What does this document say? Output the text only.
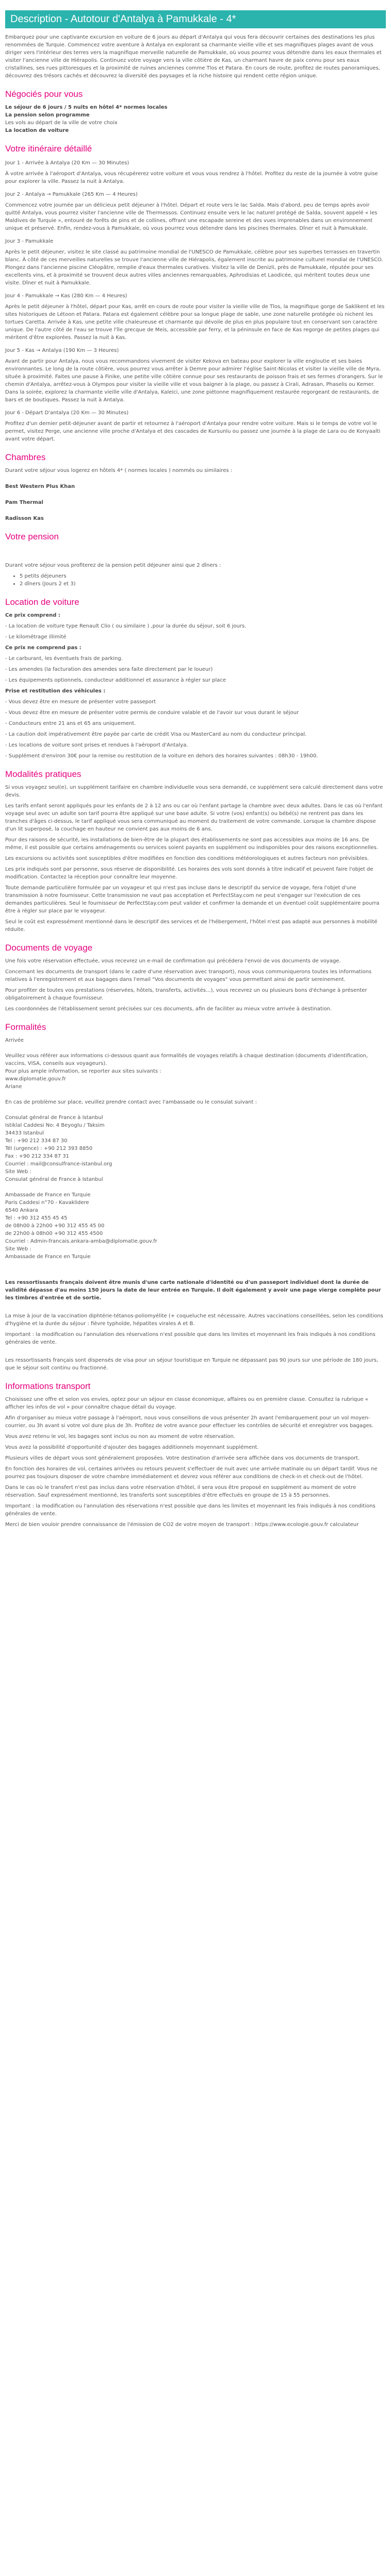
Description - Autotour d'Antalya à Pamukkale - 4*

Embarquez pour une captivante excursion en voiture de 6 jours au départ d'Antalya qui vous fera découvrir certaines des destinations les plus renommées de Turquie. Commencez votre aventure à Antalya en explorant sa charmante vieille ville et ses magnifiques plages avant de vous diriger vers l'intérieur des terres vers la magnifique merveille naturelle de Pamukkale, où vous pourrez vous détendre dans les eaux thermales et visiter l'ancienne ville de Hiérapolis. Continuez votre voyage vers la ville côtière de Kas, un charmant havre de paix connu pour ses eaux cristallines, ses rues pittoresques et la proximité de ruines anciennes comme Tlos et Patara. En cours de route, profitez de routes panoramiques, découvrez des trésors cachés et découvrez la diversité des paysages et la riche histoire qui rendent cette région unique.

Négociés pour vous
Le séjour de 6 jours / 5 nuits en hôtel 4* normes locales
La pension selon programme
Les vols au départ de la ville de votre choix
La location de voiture
Votre itinéraire détaillé
Jour 1 - Arrivée à Antalya (20 Km — 30 Minutes)

À votre arrivée à l'aéroport d'Antalya, vous récupérerez votre voiture et vous vous rendrez à l'hôtel. Profitez du reste de la journée à votre guise pour explorer la ville. Passez la nuit à Antalya.

Jour 2 - Antalya → Pamukkale (265 Km — 4 Heures)

Commencez votre journée par un délicieux petit déjeuner à l'hôtel. Départ et route vers le lac Salda. Mais d'abord, peu de temps après avoir quitté Antalya, vous pourrez visiter l'ancienne ville de Thermessos. Continuez ensuite vers le lac naturel protégé de Salda, souvent appelé « les Maldives de Turquie », entouré de forêts de pins et de collines, offrant une escapade sereine et des vues imprenables dans un environnement unique et préservé. Enfin, rendez-vous à Pamukkale, où vous pourrez vous détendre dans les piscines thermales. Dîner et nuit à Pamukkale.

Jour 3 - Pamukkale

Après le petit déjeuner, visitez le site classé au patrimoine mondial de l'UNESCO de Pamukkale, célèbre pour ses superbes terrasses en travertin blanc. À côté de ces merveilles naturelles se trouve l'ancienne ville de Hiérapolis, également inscrite au patrimoine culturel mondial de l'UNESCO. Plongez dans l'ancienne piscine Cléopâtre, remplie d'eaux thermales curatives. Visitez la ville de Denizli, près de Pamukkale, réputée pour ses excellents vins, et à proximité se trouvent deux autres villes anciennes remarquables, Aphrodisias et Laodicée, qui méritent toutes deux une visite. Dîner et nuit à Pamukkale.

Jour 4 - Pamukkale → Kas (280 Km — 4 Heures)

Après le petit déjeuner à l'hôtel, départ pour Kas, arrêt en cours de route pour visiter la vieille ville de Tlos, la magnifique gorge de Saklikent et les sites historiques de Létoon et Patara. Patara est également célèbre pour sa longue plage de sable, une zone naturelle protégée où nichent les tortues Caretta. Arrivée à Kas, une petite ville chaleureuse et charmante qui dévoile de plus en plus populaire tout en conservant son caractère unique. De l'autre côté de l'eau se trouve l'île grecque de Meis, accessible par ferry, et la péninsule en face de Kas regorge de petites plages qui méritent d'être explorées. Passez la nuit à Kas.

Jour 5 - Kas → Antalya (190 Km — 3 Heures)

Avant de partir pour Antalya, nous vous recommandons vivement de visiter Kekova en bateau pour explorer la ville engloutie et ses baies environnantes. Le long de la route côtière, vous pourrez vous arrêter à Demre pour admirer l'église Saint-Nicolas et visiter la vieille ville de Myra, située à proximité. Faites une pause à Finike, une petite ville côtière connue pour ses restaurants de poisson frais et ses fermes d'orangers. Sur le chemin d'Antalya, arrêtez-vous à Olympos pour visiter la vieille ville et vous baigner à la plage, ou passez à Cirali, Adrasan, Phaselis ou Kemer. Dans la soirée, explorez la charmante vieille ville d'Antalya, Kaleici, une zone piétonne magnifiquement restaurée regorgeant de restaurants, de bars et de boutiques. Passez la nuit à Antalya.

Jour 6 - Départ D'antalya (20 Km — 30 Minutes)

Profitez d'un dernier petit-déjeuner avant de partir et retournez à l'aéroport d'Antalya pour rendre votre voiture. Mais si le temps de votre vol le permet, visitez Perge, une ancienne ville proche d'Antalya et des cascades de Kursunlu ou passez une journée à la plage de Lara ou de Konyaalti avant votre départ.

Chambres

Durant votre séjour vous logerez en hôtels 4* ( normes locales ) nommés ou similaires :

Best Western Plus Khan

Pam Thermal

Radisson Kas

Votre pension

Durant votre séjour vous profiterez de la pension petit déjeuner ainsi que 2 dîners :

• 5 petits déjeuners
• 2 dîners (Jours 2 et 3)
Location de voiture

Ce prix comprend :

- La location de voiture type Renault Clio ( ou similaire ) ,pour la durée du séjour, soit 6 jours.

- Le kilométrage illimité

Ce prix ne comprend pas :

- Le carburant, les éventuels frais de parking.

- Les amendes (la facturation des amendes sera faite directement par le loueur)

- Les équipements optionnels, conducteur additionnel et assurance à régler sur place

Prise et restitution des véhicules :

- Vous devez être en mesure de présenter votre passeport

- Vous devez être en mesure de présenter votre permis de conduire valable et de l'avoir sur vous durant le séjour

- Conducteurs entre 21 ans et 65 ans uniquement.

- La caution doit impérativement être payée par carte de crédit Visa ou MasterCard au nom du conducteur principal.

- Les locations de voiture sont prises et rendues à l'aéroport d'Antalya.

- Supplément d'environ 30€ pour la remise ou restitution de la voiture en dehors des horaires suivantes : 08h30 - 19h00.

Modalités pratiques

Si vous voyagez seul(e), un supplément tarifaire en chambre individuelle vous sera demandé, ce supplément sera calculé directement dans votre devis.

Les tarifs enfant seront appliqués pour les enfants de 2 à 12 ans ou car où l'enfant partage la chambre avec deux adultes. Dans le cas où l'enfant voyage seul avec un adulte son tarif pourra être appliqué sur une base adulte. Si votre (vos) enfant(s) ou bébé(s) ne rentrent pas dans les tranches d'âges ci-dessus, le tarif appliqué vous sera communiqué au moment du traitement de votre commande. Lorsque la chambre dispose d'un lit superposé, la couchage en hauteur ne convient pas aux moins de 6 ans.

Pour des raisons de sécurité, les installations de bien-être de la plupart des établissements ne sont pas accessibles aux moins de 16 ans. De même, il est possible que certains aménagements ou services soient payants en supplément ou indisponibles pour des raisons exceptionnelles.

Les excursions ou activités sont susceptibles d'être modifiées en fonction des conditions météorologiques et autres facteurs non prévisibles.

Les prix indiqués sont par personne, sous réserve de disponibilité. Les horaires des vols sont donnés à titre indicatif et peuvent faire l'objet de modification. Contactez la réception pour connaître leur moyenne.

Toute demande particulière formulée par un voyageur et qui n'est pas incluse dans le descriptif du service de voyage, fera l'objet d'une transmission à notre fournisseur. Cette transmission ne vaut pas acceptation et PerfectStay.com ne peut s'engager sur l'exécution de ces demandes particulières. Seul le fournisseur de PerfectStay.com peut valider et confirmer la demande et un éventuel coût supplémentaire pourra être à régler sur place par le voyageur.

Seul le coût est expressément mentionné dans le descriptif des services et de l'hébergement, l'hôtel n'est pas adapté aux personnes à mobilité réduite.

Documents de voyage

Une fois votre réservation effectuée, vous recevrez un e-mail de confirmation qui précédera l'envoi de vos documents de voyage.

Concernant les documents de transport (dans le cadre d'une réservation avec transport), nous vous communiquerons toutes les informations relatives à l'enregistrement et aux bagages dans l'email "Vos documents de voyages" vous permettant ainsi de partir sereinement.

Pour profiter de toutes vos prestations (réservées, hôtels, transferts, activités...), vous recevrez un ou plusieurs bons d'échange à présenter obligatoirement à chaque fournisseur.

Les coordonnées de l'établissement seront précisées sur ces documents, afin de faciliter au mieux votre arrivée à destination.

Formalités
Arrivée
Veuillez vous référer aux informations ci-dessous quant aux formalités de voyages relatifs à chaque destination (documents d'identification, vaccins, VISA, conseils aux voyageurs).
Pour plus ample information, se reporter aux sites suivants :
www.diplomatie.gouv.fr
Ariane
En cas de problème sur place, veuillez prendre contact avec l'ambassade ou le consulat suivant :
Consulat général de France à Istanbul
Istiklal Caddesi No: 4 Beyoglu / Taksim
34433 Istanbul
Tel : +90 212 334 87 30
Tél (urgence) : +90 212 393 8850
Fax : +90 212 334 87 31
Courriel : mail@consulfrance-istanbul.org
Site Web :
Consulat général de France à Istanbul
Ambassade de France en Turquie
Paris Caddesi n°70 - Kavaklidere
6540 Ankara
Tel : +90 312 455 45 45
de 08h00 à 22h00 +90 312 455 45 00
de 22h00 à 08h00 +90 312 455 4500
Courriel : Admin-francais.ankara-amba@diplomatie.gouv.fr
Site Web :
Ambassade de France en Turquie

Les ressortissants français doivent être munis d'une carte nationale d'identité ou d'un passeport individuel dont la durée de validité dépasse d'au moins 150 jours la date de leur entrée en Turquie. Il doit également y avoir une page vierge complète pour les timbres d'entrée et de sortie.

La mise à jour de la vaccination diphtérie-tétanos-poliomyélite (+ coqueluche est nécessaire. Autres vaccinations conseillées, selon les conditions d'hygiène et la durée du séjour : fièvre typhoïde, hépatites virales A et B.

Important : la modification ou l'annulation des réservations n'est possible que dans les limites et moyennant les frais indiqués à nos conditions générales de vente.

Les ressortissants français sont dispensés de visa pour un séjour touristique en Turquie ne dépassant pas 90 jours sur une période de 180 jours, que le séjour soit continu ou fractionné.

Informations transport

Choisissez une offre et selon vos envies, optez pour un séjour en classe économique, affaires ou en première classe. Consultez la rubrique « afficher les infos de vol » pour connaître chaque détail du voyage.

Afin d'organiser au mieux votre passage à l'aéroport, nous vous conseillons de vous présenter 2h avant l'embarquement pour un vol moyen-courrier, ou 3h avant si votre vol dure plus de 3h. Profitez de votre avance pour effectuer les contrôles de sécurité et enregistrer vos bagages.

Vous avez retenu le vol, les bagages sont inclus ou non au moment de votre réservation.

Vous avez la possibilité d'opportunité d'ajouter des bagages additionnels moyennant supplément.

Plusieurs villes de départ vous sont généralement proposées. Votre destination d'arrivée sera affichée dans vos documents de transport.

En fonction des horaires de vol, certaines arrivées ou retours peuvent s'effectuer de nuit avec une arrivée matinale ou un départ tardif. Vous ne pourrez pas toujours disposer de votre chambre immédiatement et devrez vous référer aux conditions de check-in et check-out de l'hôtel.

Dans le cas où le transfert n'est pas inclus dans votre réservation d'hôtel, il sera vous être proposé en supplément au moment de votre réservation. Sauf expressément mentionné, les transferts sont susceptibles d'être effectués en groupe de 15 à 55 personnes.

Important : la modification ou l'annulation des réservations n'est possible que dans les limites et moyennant les frais indiqués à nos conditions générales de vente.

Merci de bien vouloir prendre connaissance de l'émission de CO2 de votre moyen de transport : https://www.ecologie.gouv.fr calculateur
